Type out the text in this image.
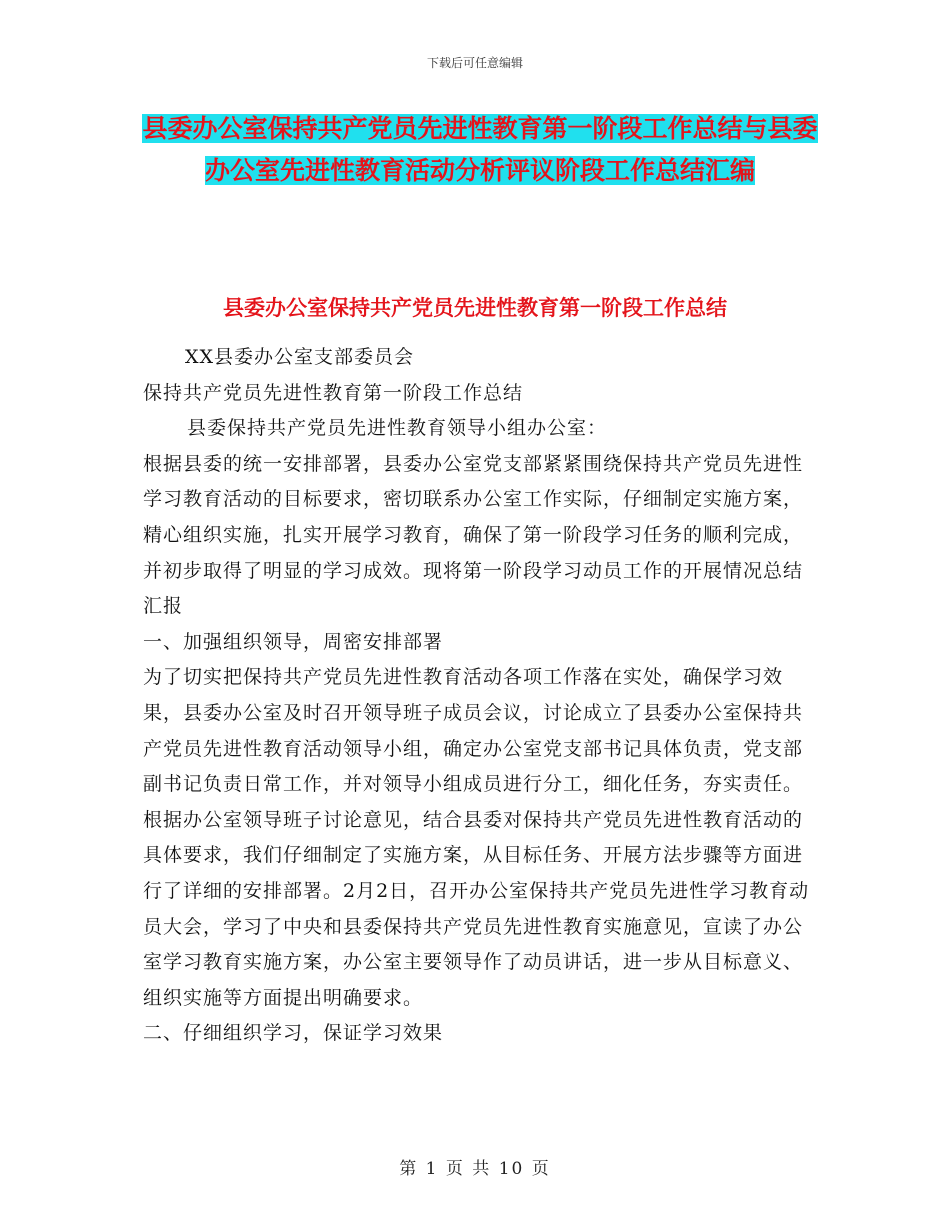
下载后可任意编辑
县委办公室保持共产党员先进性教育第一阶段工作总结与县委办公室先进性教育活动分析评议阶段工作总结汇编
县委办公室保持共产党员先进性教育第一阶段工作总结

XX县委办公室支部委员会

保持共产党员先进性教育第一阶段工作总结

县委保持共产党员先进性教育领导小组办公室：

根据县委的统一安排部署，县委办公室党支部紧紧围绕保持共产党员先进性学习教育活动的目标要求，密切联系办公室工作实际，仔细制定实施方案，精心组织实施，扎实开展学习教育，确保了第一阶段学习任务的顺利完成，并初步取得了明显的学习成效。现将第一阶段学习动员工作的开展情况总结汇报

一、加强组织领导，周密安排部署

为了切实把保持共产党员先进性教育活动各项工作落在实处，确保学习效果，县委办公室及时召开领导班子成员会议，讨论成立了县委办公室保持共产党员先进性教育活动领导小组，确定办公室党支部书记具体负责，党支部副书记负责日常工作，并对领导小组成员进行分工，细化任务，夯实责任。根据办公室领导班子讨论意见，结合县委对保持共产党员先进性教育活动的具体要求，我们仔细制定了实施方案，从目标任务、开展方法步骤等方面进行了详细的安排部署。2月2日，召开办公室保持共产党员先进性学习教育动员大会，学习了中央和县委保持共产党员先进性教育实施意见，宣读了办公室学习教育实施方案，办公室主要领导作了动员讲话，进一步从目标意义、组织实施等方面提出明确要求。

二、仔细组织学习，保证学习效果

第 1 页 共 10 页
